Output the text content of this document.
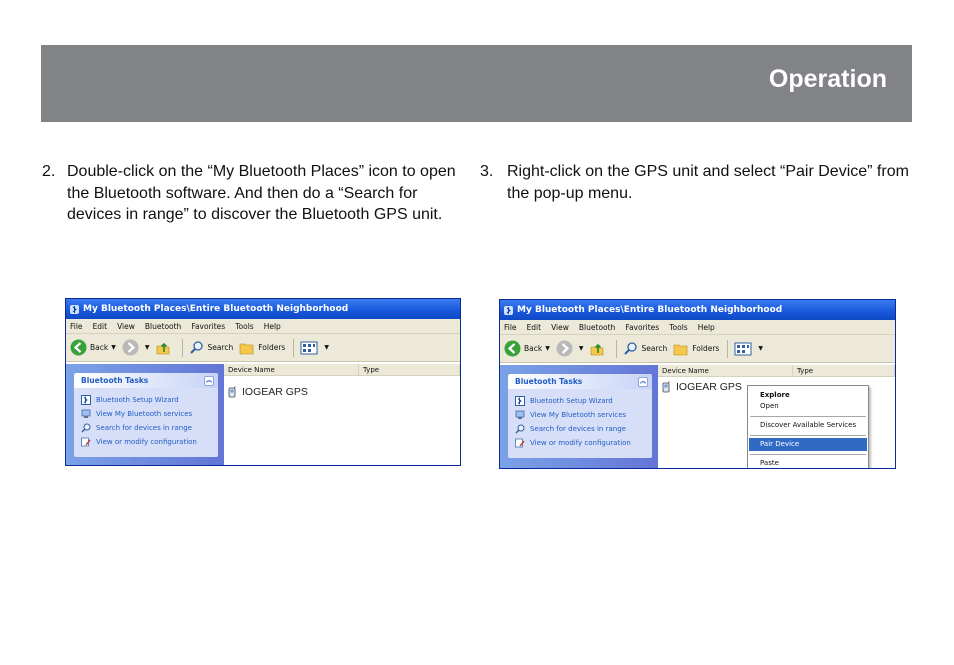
Operation
2. Double-click on the “My Bluetooth Places” icon to open the Bluetooth software. And then do a “Search for devices in range” to discover the Bluetooth GPS unit.
3. Right-click on the GPS unit and select “Pair Device” from the pop-up menu.
My Bluetooth Places\Entire Bluetooth Neighborhood
File Edit View Bluetooth Favorites Tools Help
Back ▼	▼	Search	Folders	▼
Bluetooth Tasks	︽
Bluetooth Setup Wizard
View My Bluetooth services
Search for devices in range
View or modify configuration
Device Name	Type
IOGEAR GPS
My Bluetooth Places\Entire Bluetooth Neighborhood
File Edit View Bluetooth Favorites Tools Help
Back ▼	▼	Search	Folders	▼
Bluetooth Tasks	︽
Bluetooth Setup Wizard
View My Bluetooth services
Search for devices in range
View or modify configuration
Device Name	Type
IOGEAR GPS
Explore
Open
Discover Available Services
Pair Device
Paste
